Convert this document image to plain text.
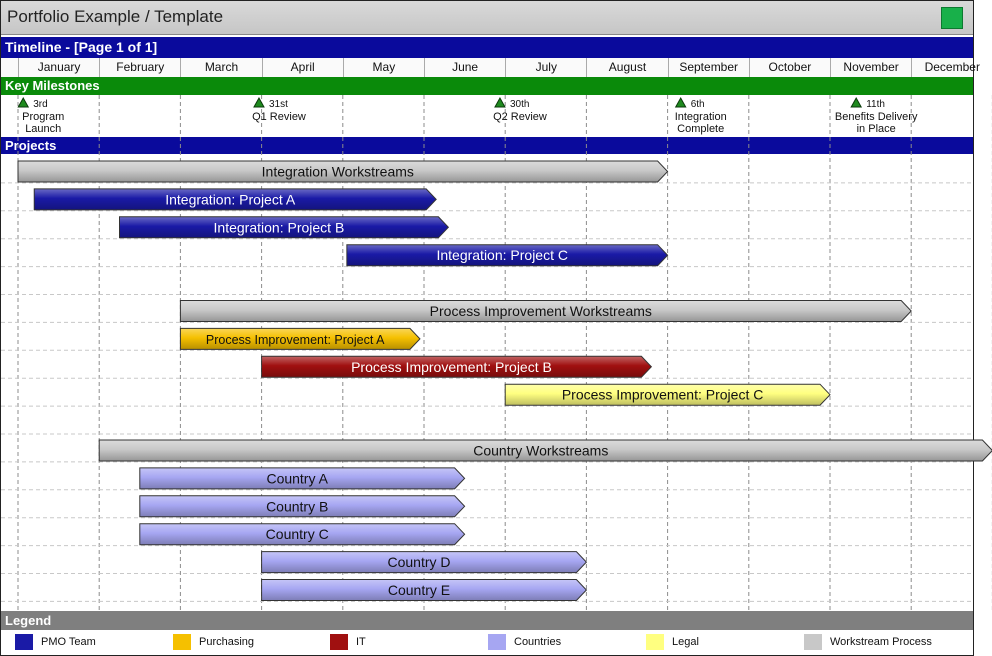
Portfolio Example / Template
Timeline - [Page 1 of 1]
January	February	March	April	May	June	July	August	September	October	November	December
Key Milestones
Projects
3rd
Program
Launch
31st
Q1 Review
30th
Q2 Review
6th
Integration
Complete
11th
Benefits Delivery
in Place
Integration Workstreams
Integration: Project A
Integration: Project B
Integration: Project C
Process Improvement Workstreams
Process Improvement: Project A
Process Improvement: Project B
Process Improvement: Project C
Country Workstreams
Country A
Country B
Country C
Country D
Country E
Legend
PMO Team	Purchasing	IT	Countries	Legal	Workstream Process
